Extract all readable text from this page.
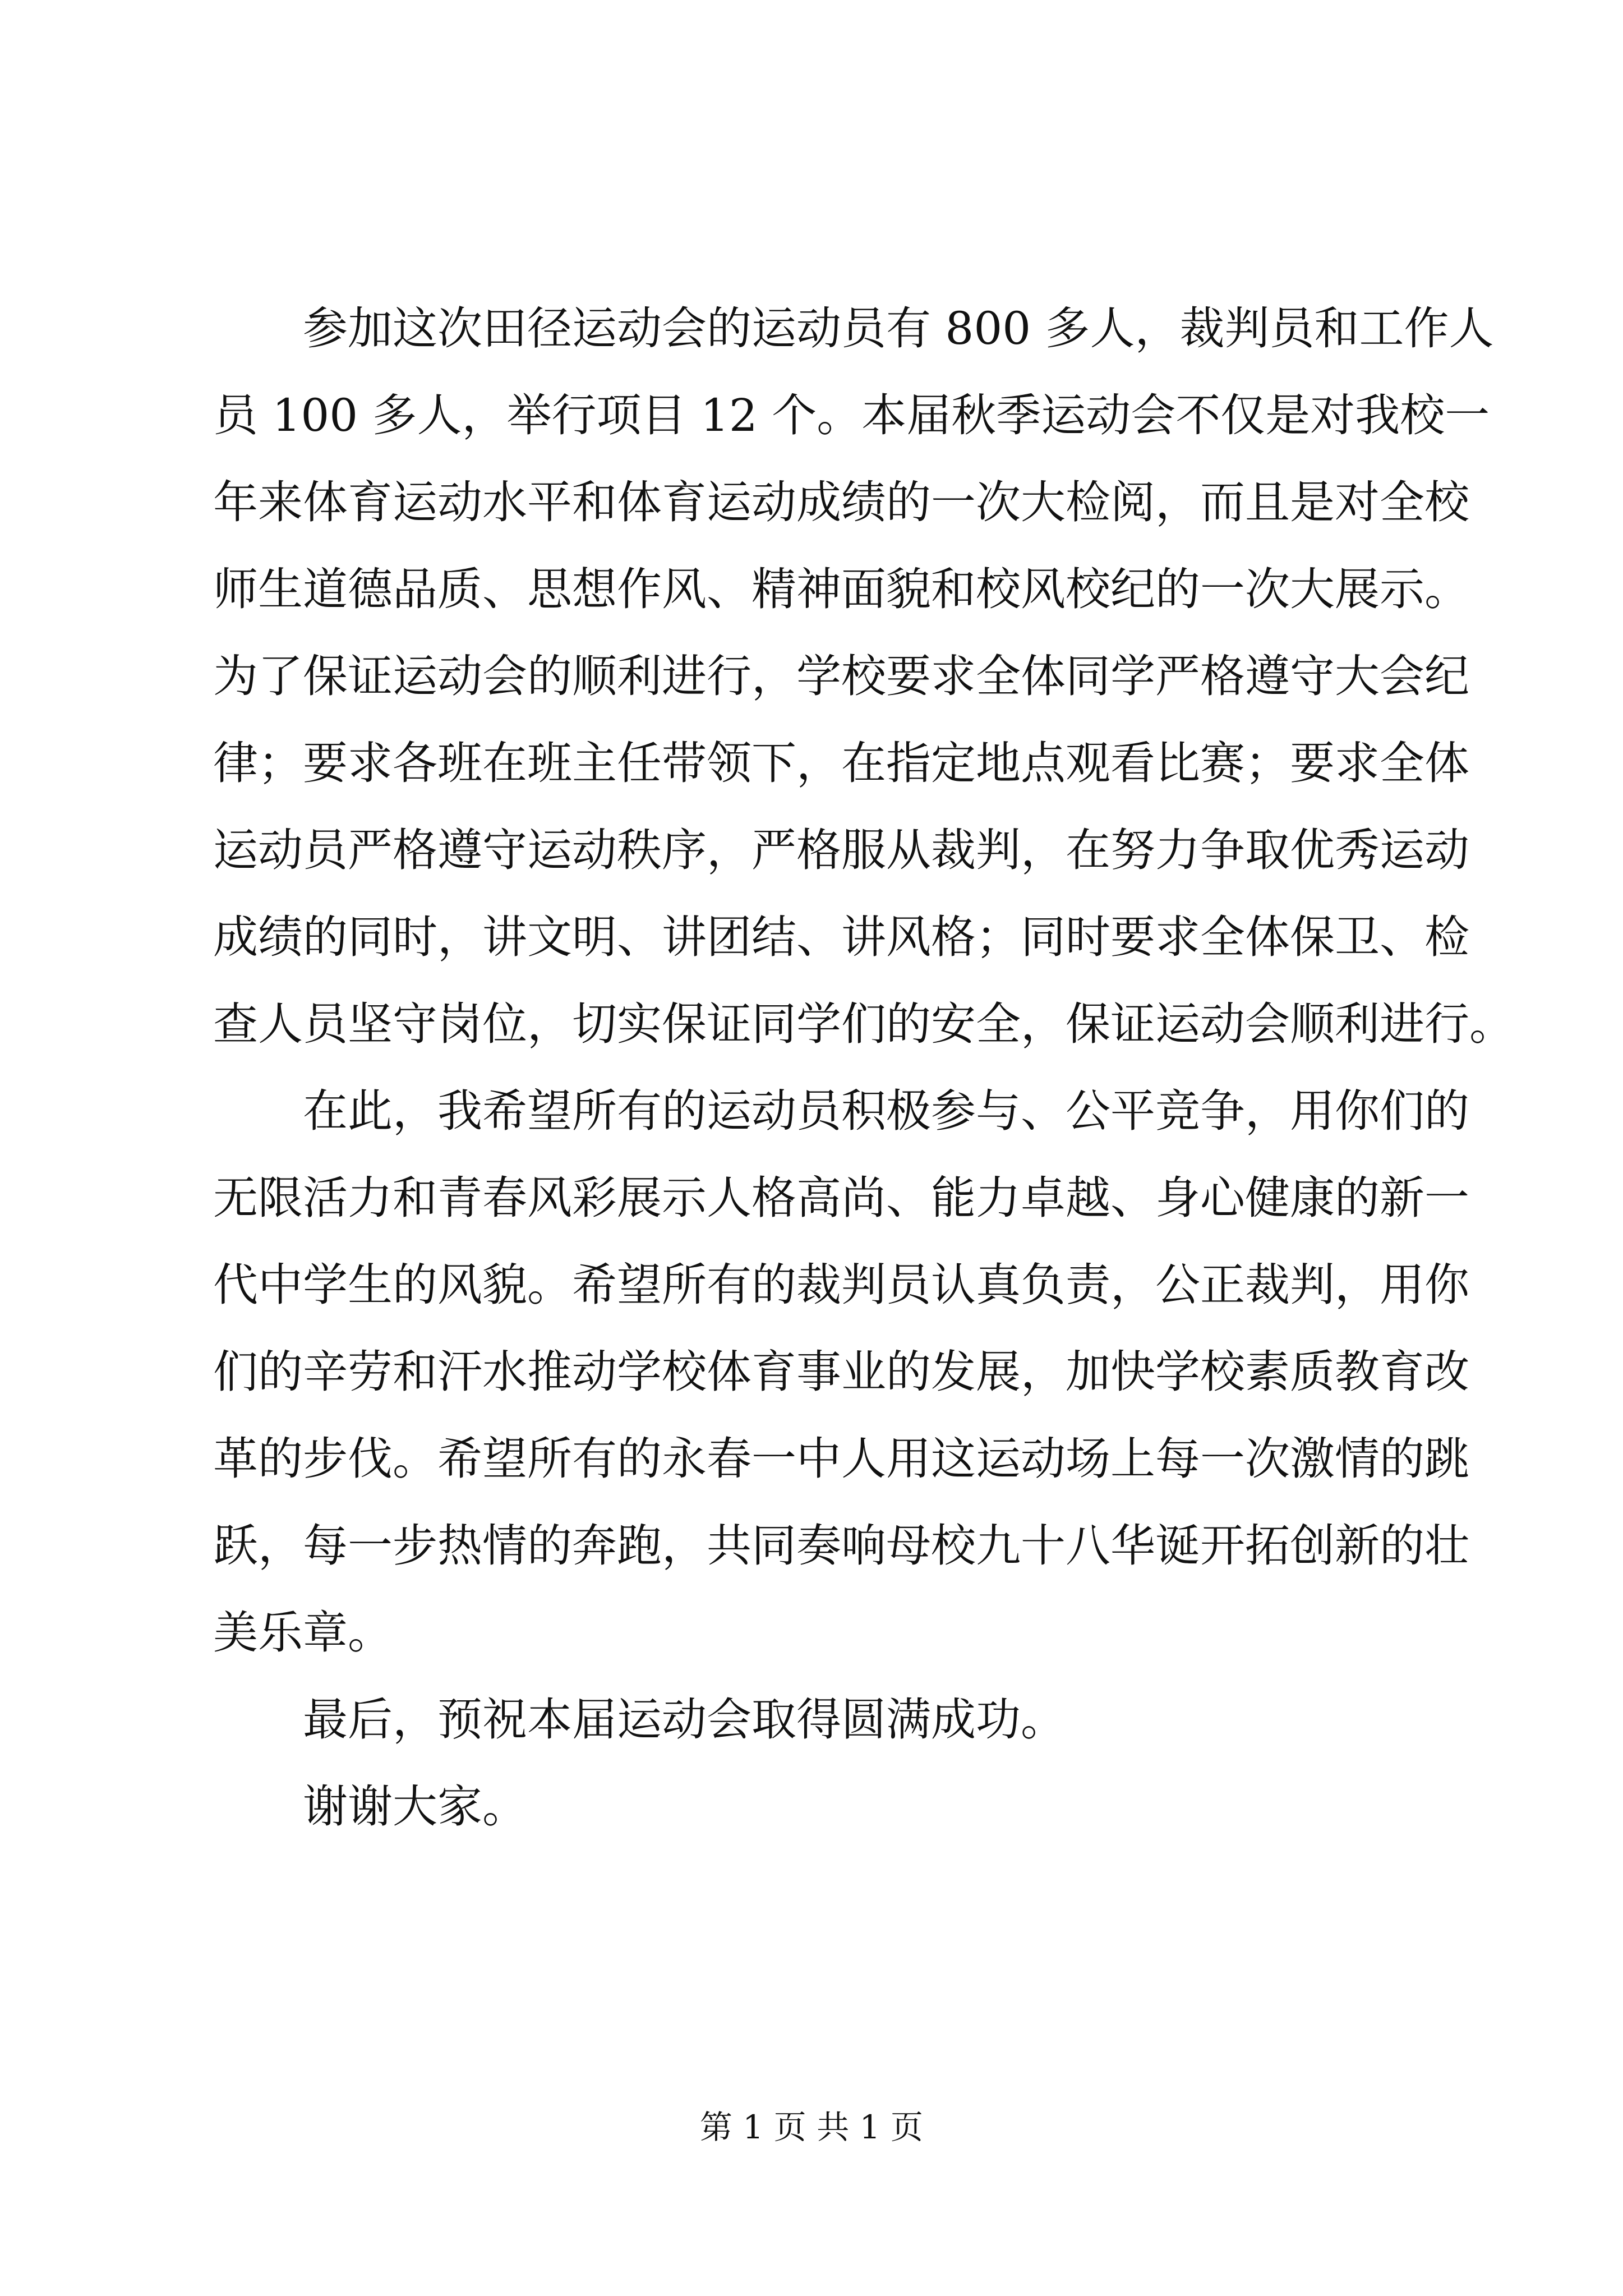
参加这次田径运动会的运动员有 800 多人，裁判员和工作人
员 100 多人，举行项目 12 个。本届秋季运动会不仅是对我校一
年来体育运动水平和体育运动成绩的一次大检阅，而且是对全校
师生道德品质、思想作风、精神面貌和校风校纪的一次大展示。
为了保证运动会的顺利进行，学校要求全体同学严格遵守大会纪
律；要求各班在班主任带领下，在指定地点观看比赛；要求全体
运动员严格遵守运动秩序，严格服从裁判，在努力争取优秀运动
成绩的同时，讲文明、讲团结、讲风格；同时要求全体保卫、检
查人员坚守岗位，切实保证同学们的安全，保证运动会顺利进行。
在此，我希望所有的运动员积极参与、公平竞争，用你们的
无限活力和青春风彩展示人格高尚、能力卓越、身心健康的新一
代中学生的风貌。希望所有的裁判员认真负责，公正裁判，用你
们的辛劳和汗水推动学校体育事业的发展，加快学校素质教育改
革的步伐。希望所有的永春一中人用这运动场上每一次激情的跳
跃，每一步热情的奔跑，共同奏响母校九十八华诞开拓创新的壮
美乐章。
最后，预祝本届运动会取得圆满成功。
谢谢大家。
第 1 页 共 1 页
